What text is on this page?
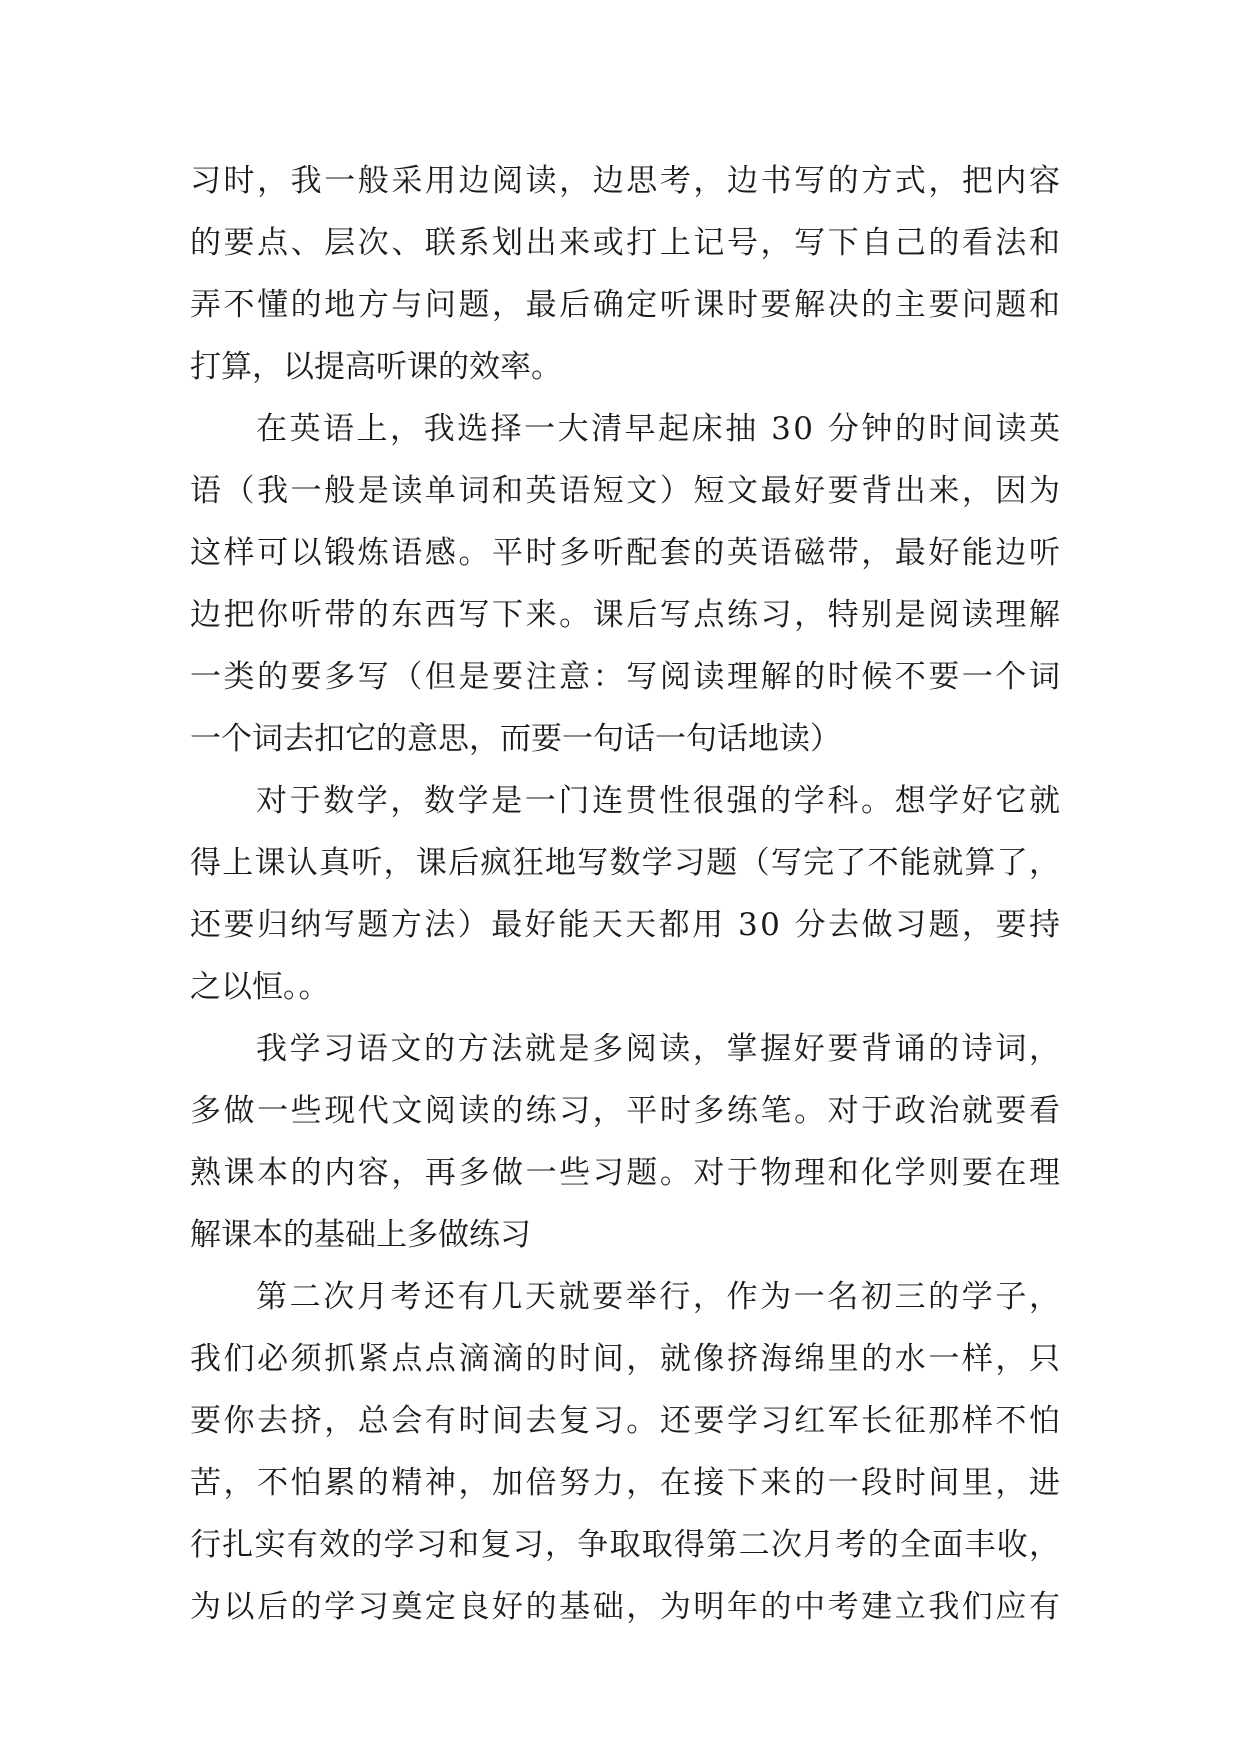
习时，我一般采用边阅读，边思考，边书写的方式，把内容
的要点、层次、联系划出来或打上记号，写下自己的看法和
弄不懂的地方与问题，最后确定听课时要解决的主要问题和
打算，以提高听课的效率。
在英语上，我选择一大清早起床抽 30 分钟的时间读英
语（我一般是读单词和英语短文）短文最好要背出来，因为
这样可以锻炼语感。平时多听配套的英语磁带，最好能边听
边把你听带的东西写下来。课后写点练习，特别是阅读理解
一类的要多写（但是要注意：写阅读理解的时候不要一个词
一个词去扣它的意思，而要一句话一句话地读）
对于数学，数学是一门连贯性很强的学科。想学好它就
得上课认真听，课后疯狂地写数学习题（写完了不能就算了，
还要归纳写题方法）最好能天天都用 30 分去做习题，要持
之以恒。。
我学习语文的方法就是多阅读，掌握好要背诵的诗词，
多做一些现代文阅读的练习，平时多练笔。对于政治就要看
熟课本的内容，再多做一些习题。对于物理和化学则要在理
解课本的基础上多做练习
第二次月考还有几天就要举行，作为一名初三的学子，
我们必须抓紧点点滴滴的时间，就像挤海绵里的水一样，只
要你去挤，总会有时间去复习。还要学习红军长征那样不怕
苦，不怕累的精神，加倍努力，在接下来的一段时间里，进
行扎实有效的学习和复习，争取取得第二次月考的全面丰收，
为以后的学习奠定良好的基础，为明年的中考建立我们应有
